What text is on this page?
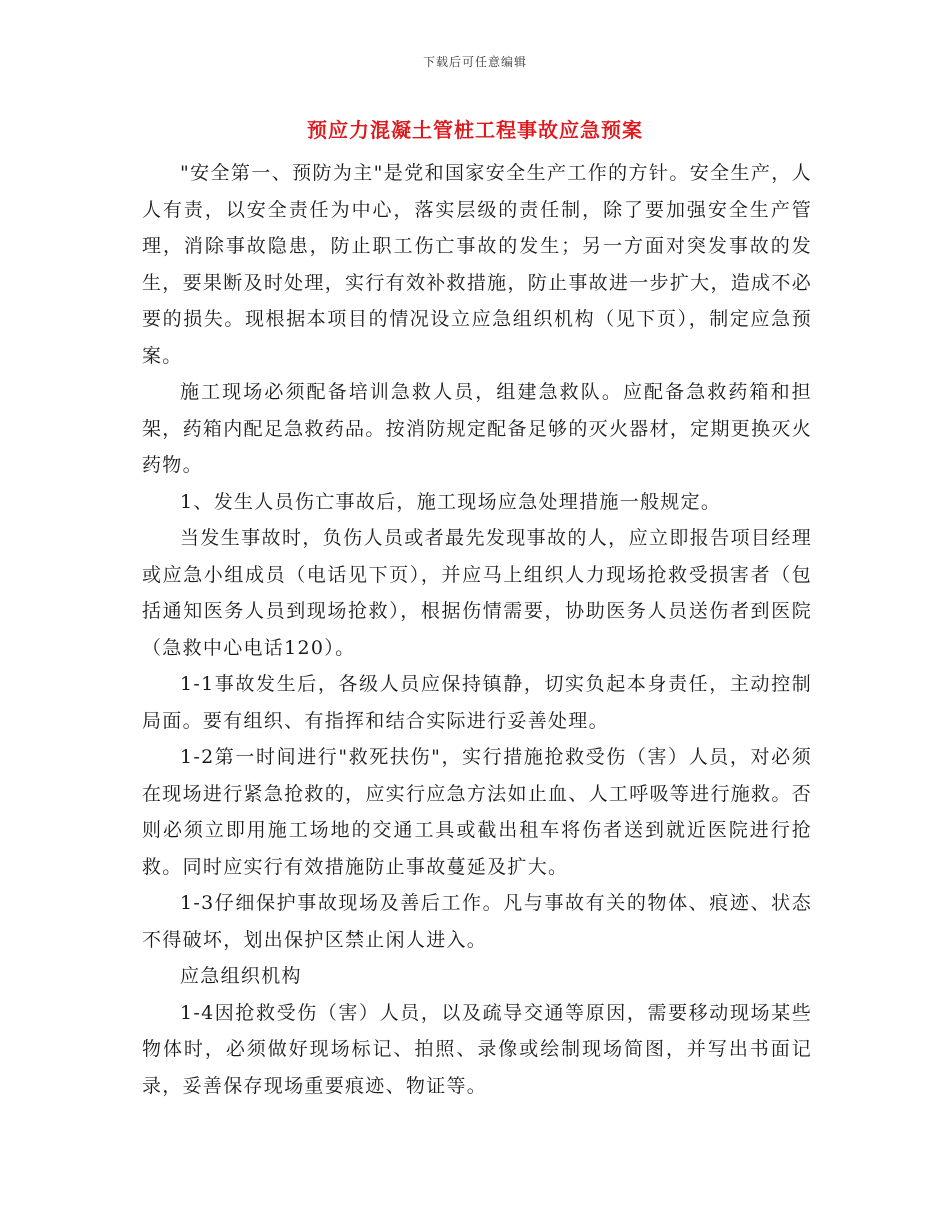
下载后可任意编辑
预应力混凝土管桩工程事故应急预案

"安全第一、预防为主"是党和国家安全生产工作的方针。安全生产，人人有责，以安全责任为中心，落实层级的责任制，除了要加强安全生产管理，消除事故隐患，防止职工伤亡事故的发生；另一方面对突发事故的发生，要果断及时处理，实行有效补救措施，防止事故进一步扩大，造成不必要的损失。现根据本项目的情况设立应急组织机构（见下页），制定应急预案。

施工现场必须配备培训急救人员，组建急救队。应配备急救药箱和担架，药箱内配足急救药品。按消防规定配备足够的灭火器材，定期更换灭火药物。

1、发生人员伤亡事故后，施工现场应急处理措施一般规定。

当发生事故时，负伤人员或者最先发现事故的人，应立即报告项目经理或应急小组成员（电话见下页），并应马上组织人力现场抢救受损害者（包括通知医务人员到现场抢救），根据伤情需要，协助医务人员送伤者到医院（急救中心电话120）。

1-1事故发生后，各级人员应保持镇静，切实负起本身责任，主动控制局面。要有组织、有指挥和结合实际进行妥善处理。

1-2第一时间进行"救死扶伤"，实行措施抢救受伤（害）人员，对必须在现场进行紧急抢救的，应实行应急方法如止血、人工呼吸等进行施救。否则必须立即用施工场地的交通工具或截出租车将伤者送到就近医院进行抢救。同时应实行有效措施防止事故蔓延及扩大。

1-3仔细保护事故现场及善后工作。凡与事故有关的物体、痕迹、状态不得破坏，划出保护区禁止闲人进入。

应急组织机构

1-4因抢救受伤（害）人员，以及疏导交通等原因，需要移动现场某些物体时，必须做好现场标记、拍照、录像或绘制现场简图，并写出书面记录，妥善保存现场重要痕迹、物证等。
